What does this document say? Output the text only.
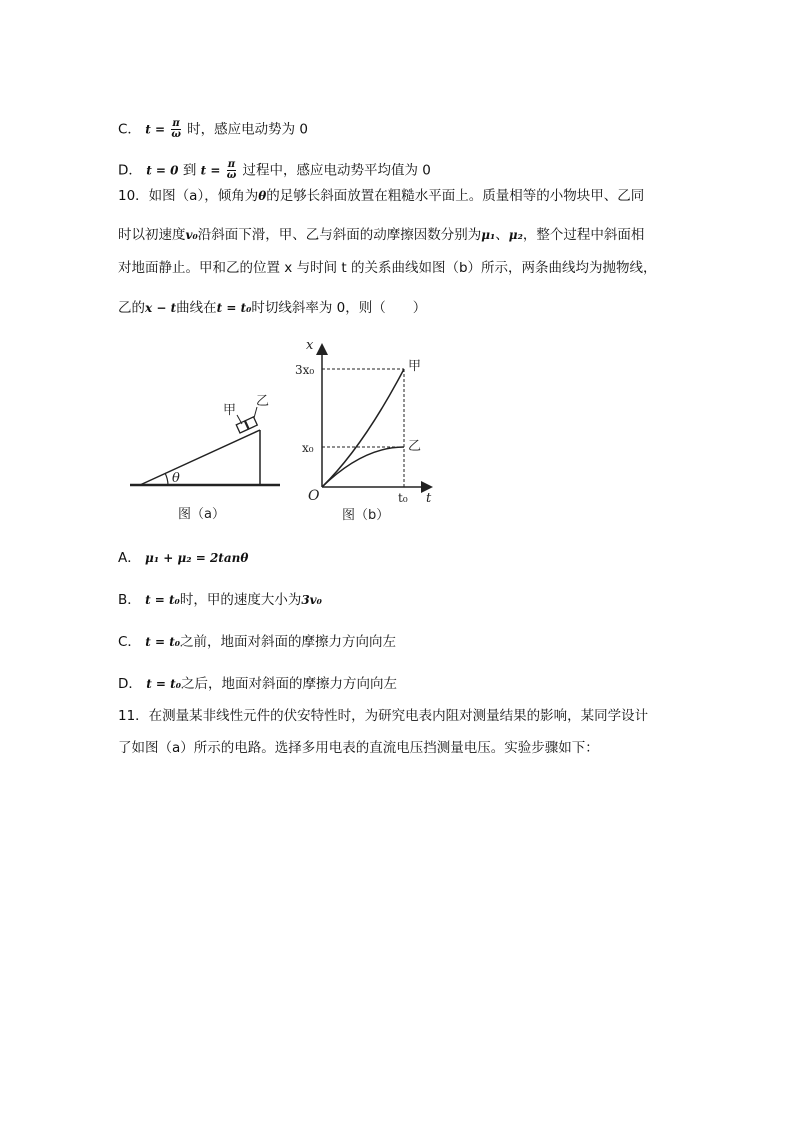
C． $t = \frac{\pi}{\omega}$ 时，感应电动势为 0
D． t = 0 到 $t = \frac{\pi}{\omega}$ 过程中，感应电动势平均值为 0
10．如图（a），倾角为θ的足够长斜面放置在粗糙水平面上。质量相等的小物块甲、乙同
时以初速度v₀沿斜面下滑，甲、乙与斜面的动摩擦因数分别为μ₁、μ₂，整个过程中斜面相
对地面静止。甲和乙的位置 x 与时间 t 的关系曲线如图（b）所示，两条曲线均为抛物线，
乙的x − t曲线在t = t₀时切线斜率为 0，则（　　）
甲
乙
θ
图（a）
x
t
O
3x₀
x₀
t₀
甲
乙
图（b）
A． μ₁ + μ₂ = 2tanθ
B． t = t₀时，甲的速度大小为3v₀
C． t = t₀之前，地面对斜面的摩擦力方向向左
D． t = t₀之后，地面对斜面的摩擦力方向向左
11．在测量某非线性元件的伏安特性时，为研究电表内阻对测量结果的影响，某同学设计
了如图（a）所示的电路。选择多用电表的直流电压挡测量电压。实验步骤如下：
